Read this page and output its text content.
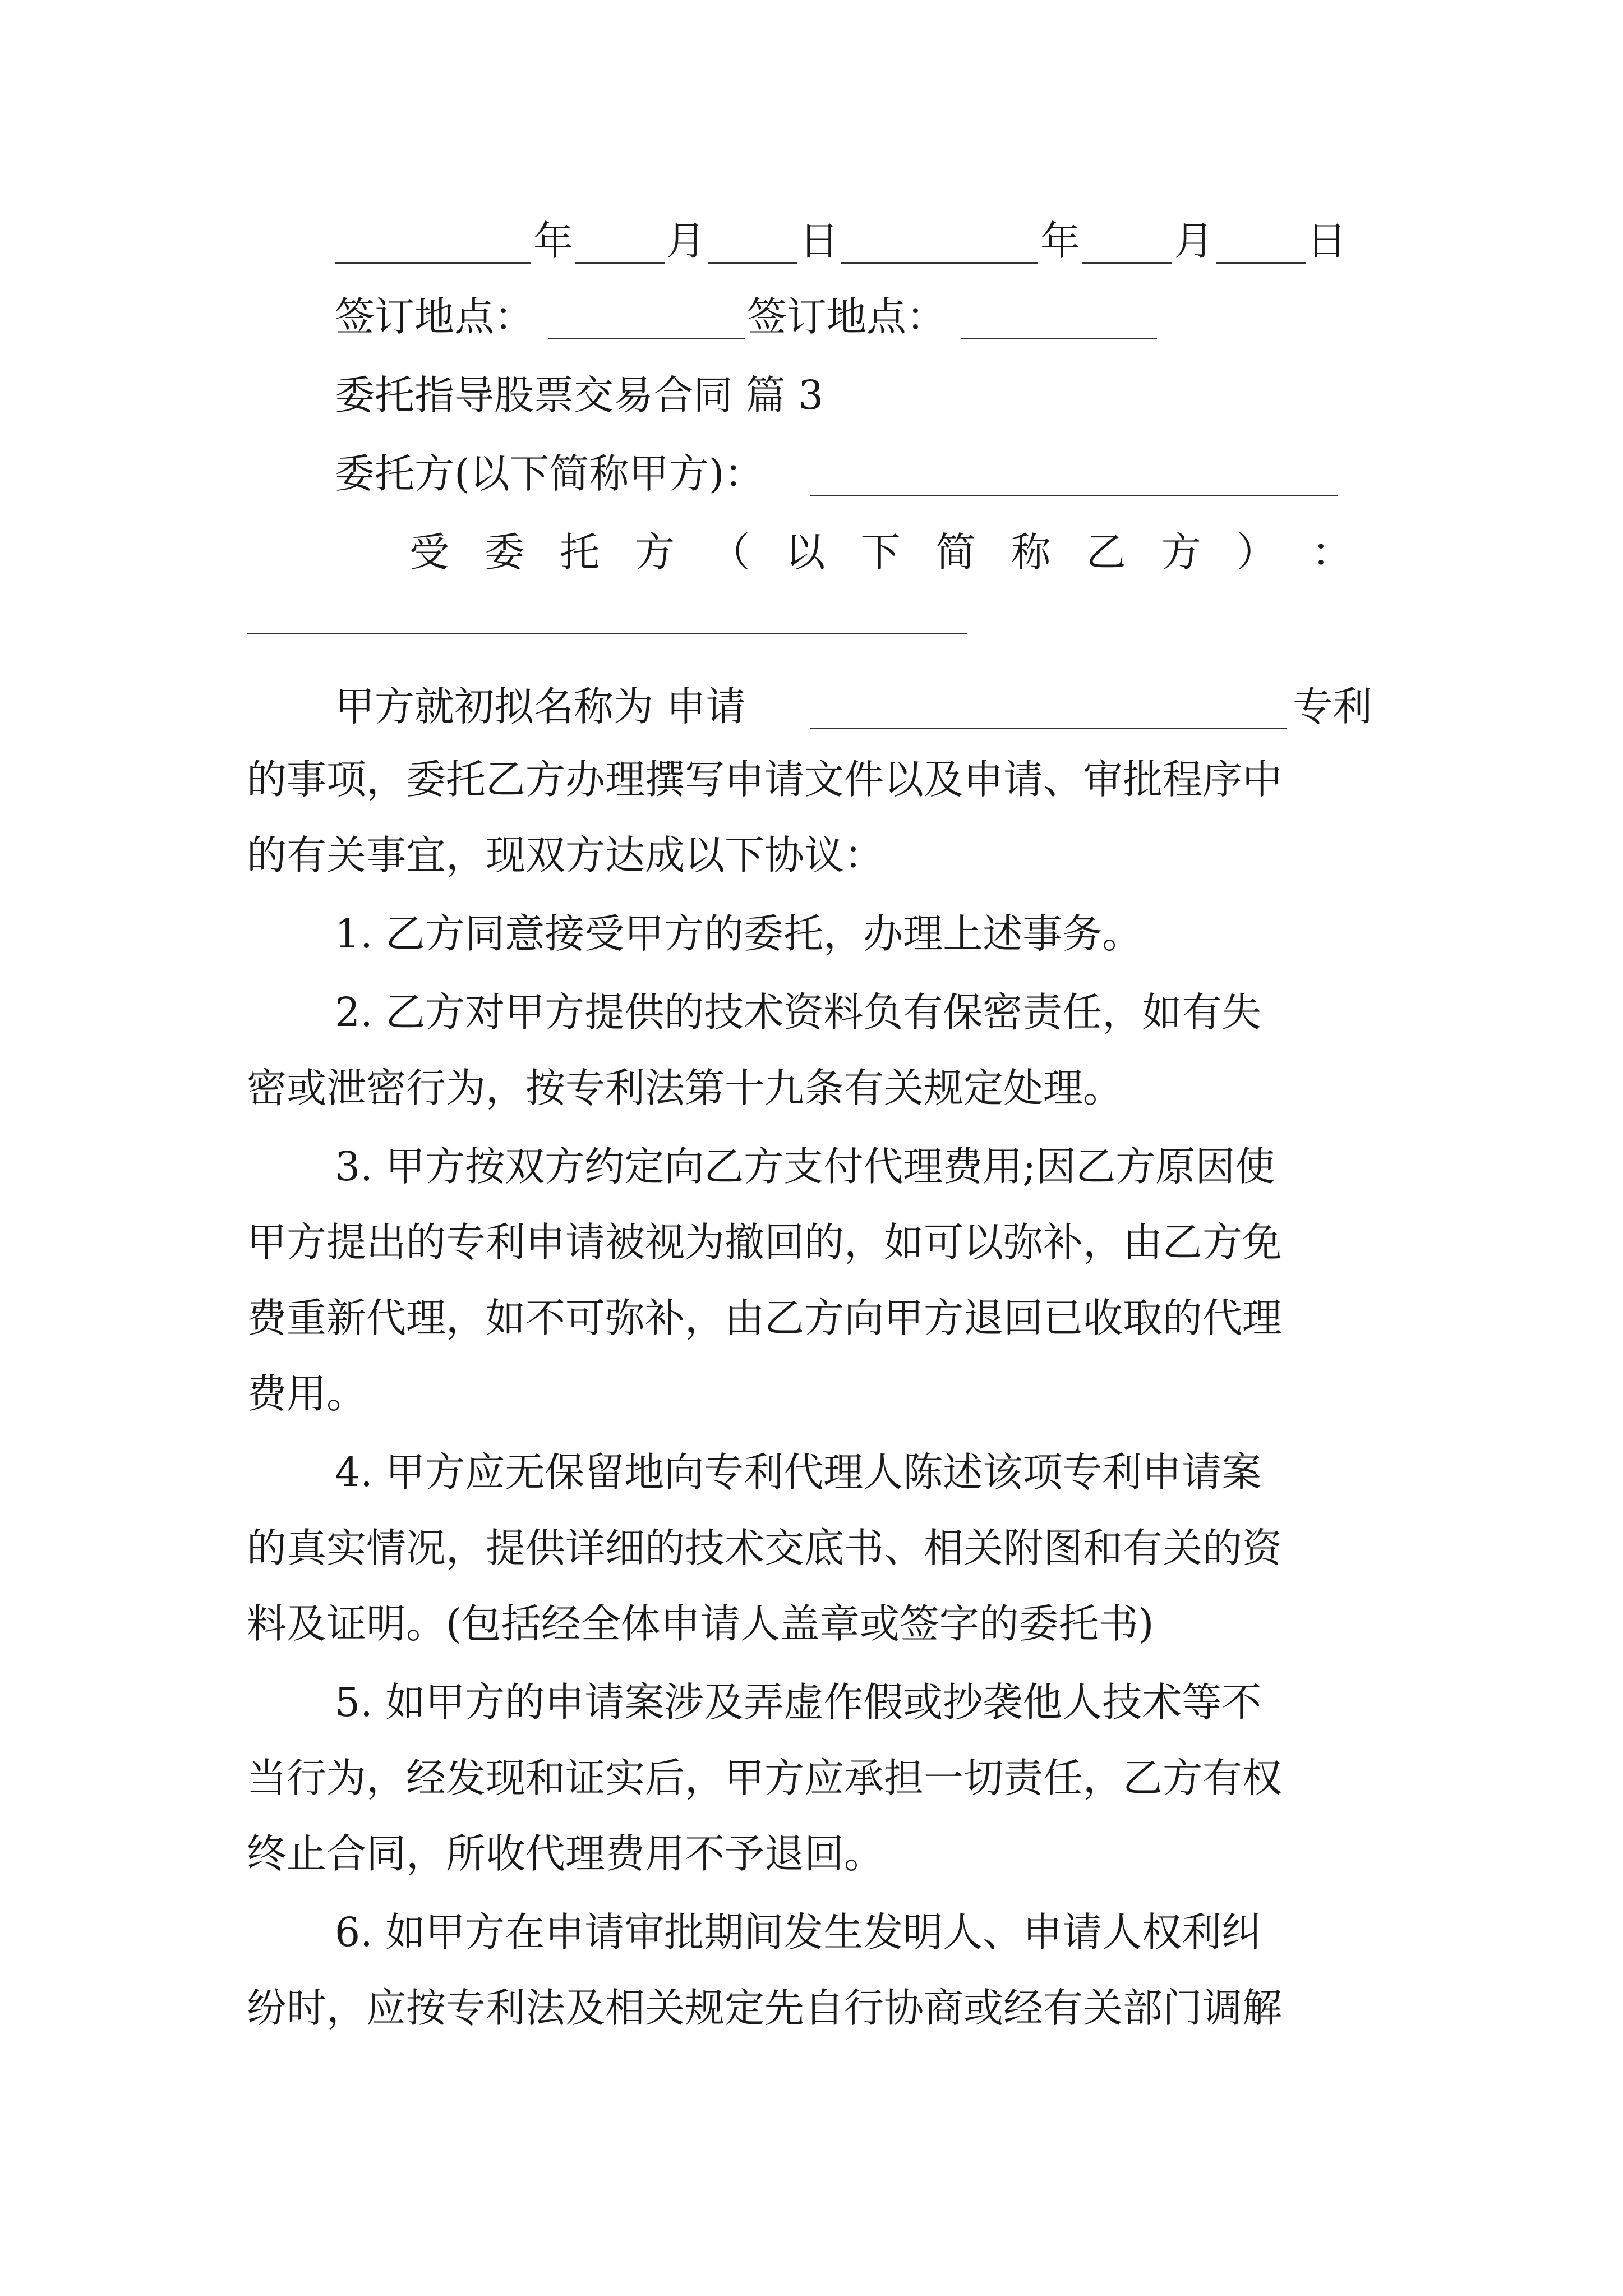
年 月 日	年 月 日
签订地点：	签订地点：
委托指导股票交易合同 篇 3
委托方(以下简称甲方)：
受 委 托 方 （ 以 下 简 称 乙 方 ） ：
甲方就初拟名称为 申请	专利
的事项，委托乙方办理撰写申请文件以及申请、审批程序中
的有关事宜，现双方达成以下协议：
1. 乙方同意接受甲方的委托，办理上述事务。
2. 乙方对甲方提供的技术资料负有保密责任，如有失
密或泄密行为，按专利法第十九条有关规定处理。
3. 甲方按双方约定向乙方支付代理费用;因乙方原因使
甲方提出的专利申请被视为撤回的，如可以弥补，由乙方免
费重新代理，如不可弥补，由乙方向甲方退回已收取的代理
费用。
4. 甲方应无保留地向专利代理人陈述该项专利申请案
的真实情况，提供详细的技术交底书、相关附图和有关的资
料及证明。(包括经全体申请人盖章或签字的委托书)
5. 如甲方的申请案涉及弄虚作假或抄袭他人技术等不
当行为，经发现和证实后，甲方应承担一切责任，乙方有权
终止合同，所收代理费用不予退回。
6. 如甲方在申请审批期间发生发明人、申请人权利纠
纷时，应按专利法及相关规定先自行协商或经有关部门调解
